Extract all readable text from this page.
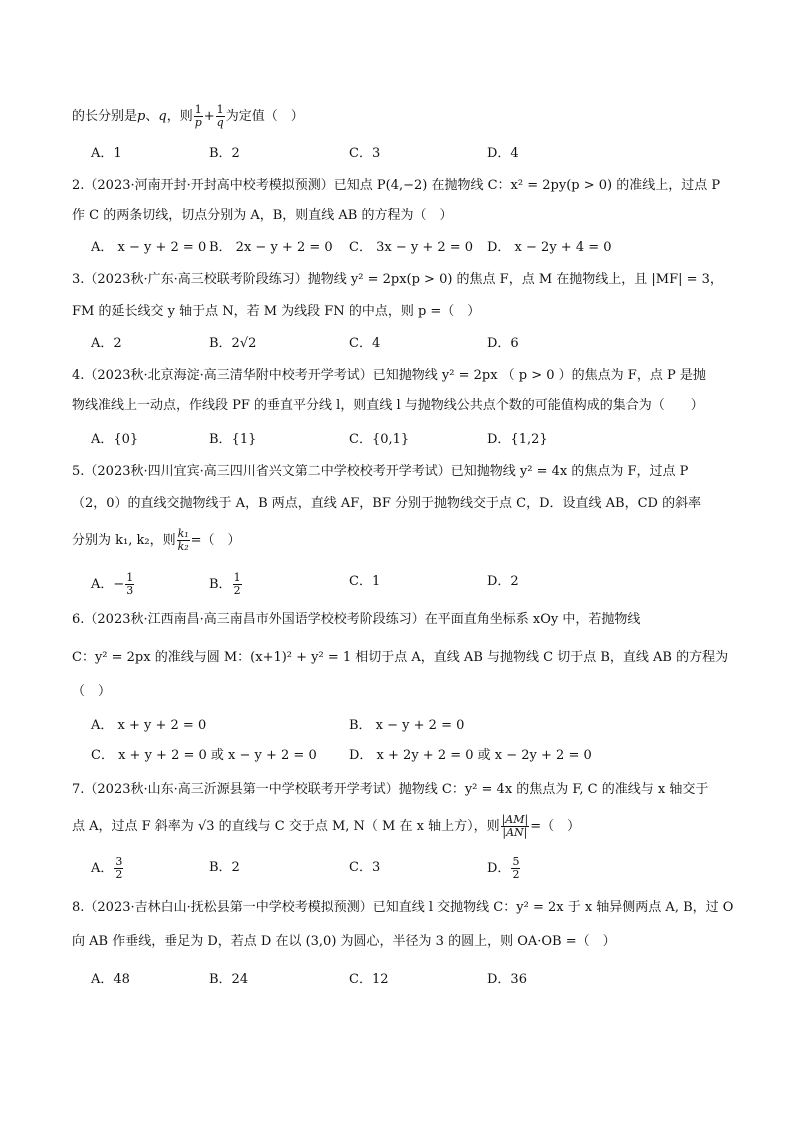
的长分别是p、q，则 $\frac{1}{p} + \frac{1}{q}$ 为定值（　）
A．1	B．2	C．3	D．4
2.（2023·河南开封·开封高中校考模拟预测）已知点 P(4,−2) 在抛物线 C：x² = 2py(p > 0) 的准线上，过点 P
作 C 的两条切线，切点分别为 A，B，则直线 AB 的方程为（　）
A． x − y + 2 = 0 B． 2x − y + 2 = 0 C． 3x − y + 2 = 0 D． x − 2y + 4 = 0
3.（2023秋·广东·高三校联考阶段练习）抛物线 y² = 2px(p > 0) 的焦点 F，点 M 在抛物线上，且 |MF| = 3，
FM 的延长线交 y 轴于点 N，若 M 为线段 FN 的中点，则 p =（　）
A．2	B．2√2	C．4	D．6
4.（2023秋·北京海淀·高三清华附中校考开学考试）已知抛物线 y² = 2px （ p > 0 ）的焦点为 F，点 P 是抛
物线准线上一动点，作线段 PF 的垂直平分线 l，则直线 l 与抛物线公共点个数的可能值构成的集合为（　　）
A．{0}	B．{1}	C．{0,1}	D．{1,2}
5.（2023秋·四川宜宾·高三四川省兴文第二中学校校考开学考试）已知抛物线 y² = 4x 的焦点为 F，过点 P
（2，0）的直线交抛物线于 A，B 两点，直线 AF，BF 分别于抛物线交于点 C，D．设直线 AB，CD 的斜率
分别为 k₁, k₂，则 $\frac{\text{k₁}}{\text{k₂}}$ =（　）
A．− $\frac{1}{3}$	B． $\frac{1}{2}$	C．1	D．2
6.（2023秋·江西南昌·高三南昌市外国语学校校考阶段练习）在平面直角坐标系 xOy 中，若抛物线
C：y² = 2px 的准线与圆 M：(x+1)² + y² = 1 相切于点 A，直线 AB 与抛物线 C 切于点 B，直线 AB 的方程为
（　）
A． x + y + 2 = 0	B． x − y + 2 = 0
C． x + y + 2 = 0 或 x − y + 2 = 0 D． x + 2y + 2 = 0 或 x − 2y + 2 = 0
7.（2023秋·山东·高三沂源县第一中学校联考开学考试）抛物线 C：y² = 4x 的焦点为 F, C 的准线与 x 轴交于
点 A，过点 F 斜率为 √3 的直线与 C 交于点 M, N（ M 在 x 轴上方），则 $\frac{|AM|}{|AN|}$ =（　）
A． $\frac{3}{2}$	B．2	C．3	D． $\frac{5}{2}$
8.（2023·吉林白山·抚松县第一中学校考模拟预测）已知直线 l 交抛物线 C：y² = 2x 于 x 轴异侧两点 A, B，过 O
向 AB 作垂线，垂足为 D，若点 D 在以 (3,0) 为圆心，半径为 3 的圆上，则 OA·OB =（　）
A．48	B．24	C．12	D．36
